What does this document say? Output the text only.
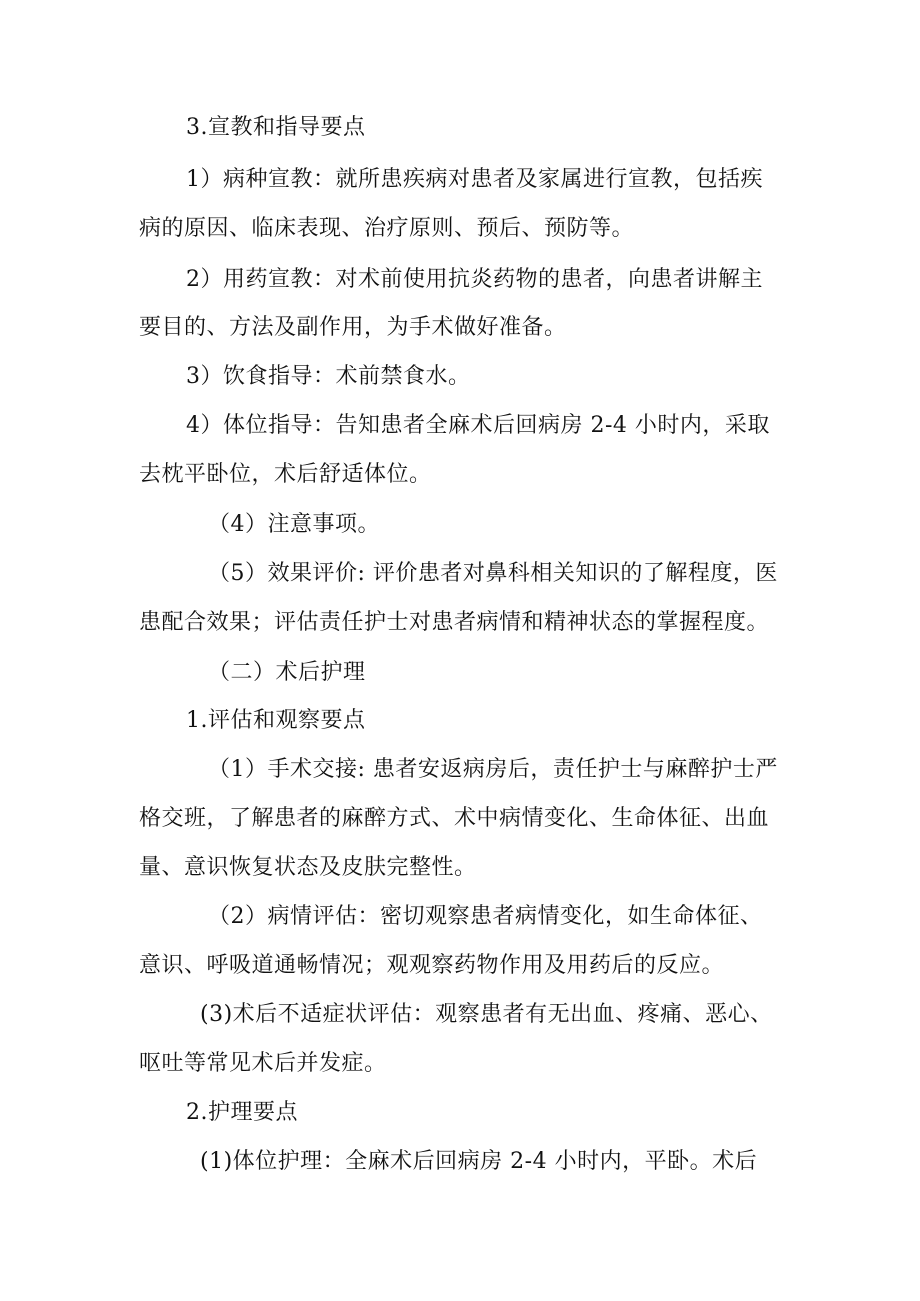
3.宣教和指导要点
1）病种宣教：就所患疾病对患者及家属进行宣教，包括疾
病的原因、临床表现、治疗原则、预后、预防等。
2）用药宣教：对术前使用抗炎药物的患者，向患者讲解主
要目的、方法及副作用，为手术做好准备。
3）饮食指导：术前禁食水。
4）体位指导：告知患者全麻术后回病房 2-4 小时内，采取
去枕平卧位，术后舒适体位。
（4）注意事项。
（5）效果评价: 评价患者对鼻科相关知识的了解程度，医
患配合效果；评估责任护士对患者病情和精神状态的掌握程度。
（二）术后护理
1.评估和观察要点
（1）手术交接: 患者安返病房后，责任护士与麻醉护士严
格交班，了解患者的麻醉方式、术中病情变化、生命体征、出血
量、意识恢复状态及皮肤完整性。
（2）病情评估：密切观察患者病情变化，如生命体征、
意识、呼吸道通畅情况；观观察药物作用及用药后的反应。
(3)术后不适症状评估：观察患者有无出血、疼痛、恶心、
呕吐等常见术后并发症。
2.护理要点
(1)体位护理：全麻术后回病房 2-4 小时内，平卧。术后
